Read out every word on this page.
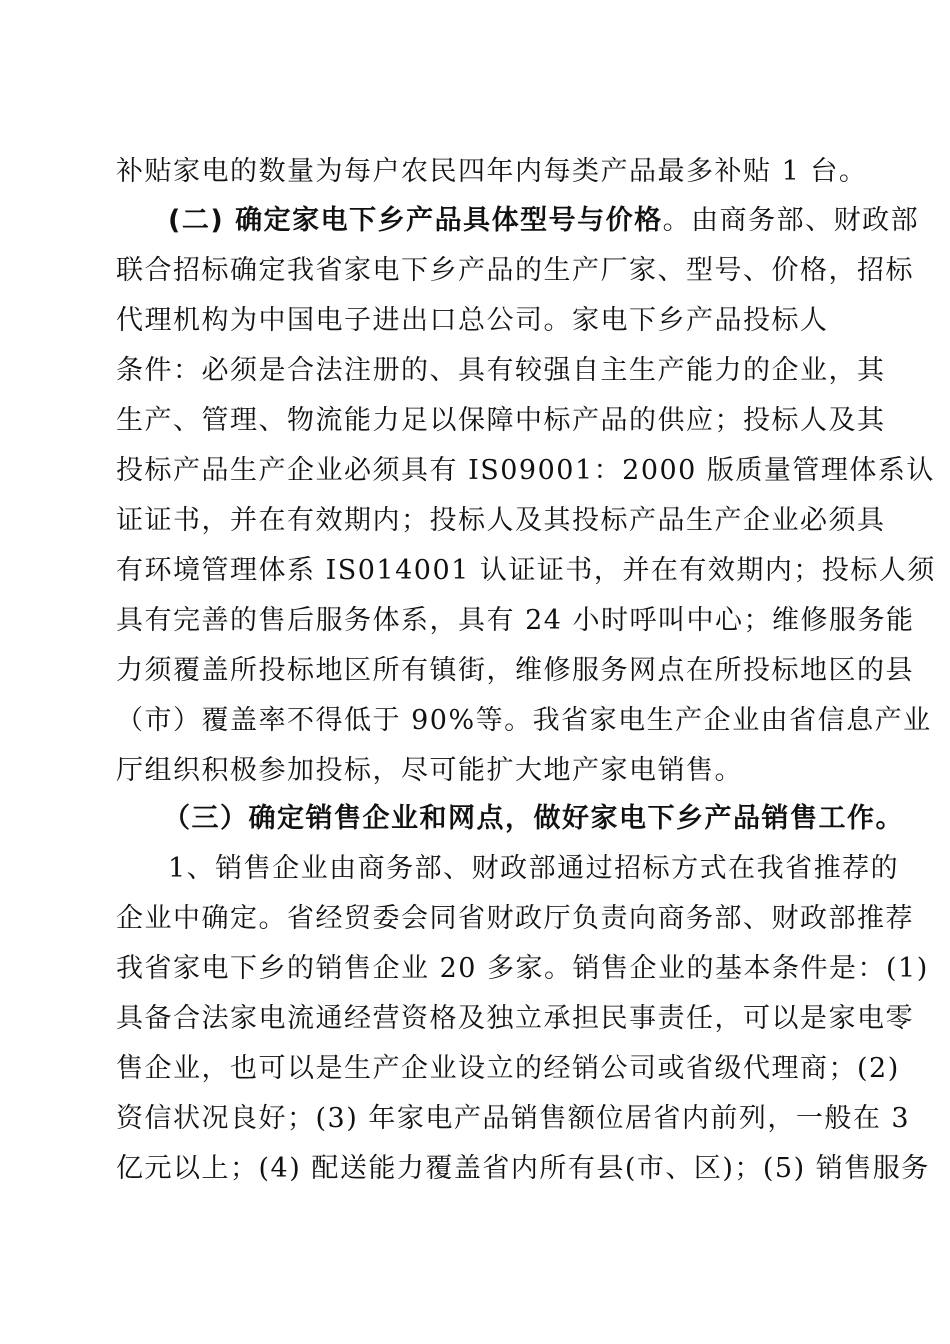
补贴家电的数量为每户农民四年内每类产品最多补贴 1 台。
(二) 确定家电下乡产品具体型号与价格。由商务部、财政部
联合招标确定我省家电下乡产品的生产厂家、型号、价格，招标
代理机构为中国电子进出口总公司。家电下乡产品投标人
条件：必须是合法注册的、具有较强自主生产能力的企业，其
生产、管理、物流能力足以保障中标产品的供应；投标人及其
投标产品生产企业必须具有 IS09001：2000 版质量管理体系认
证证书，并在有效期内；投标人及其投标产品生产企业必须具
有环境管理体系 IS014001 认证证书，并在有效期内；投标人须
具有完善的售后服务体系，具有 24 小时呼叫中心；维修服务能
力须覆盖所投标地区所有镇街，维修服务网点在所投标地区的县
（市）覆盖率不得低于 90%等。我省家电生产企业由省信息产业
厅组织积极参加投标，尽可能扩大地产家电销售。
（三）确定销售企业和网点，做好家电下乡产品销售工作。
1、销售企业由商务部、财政部通过招标方式在我省推荐的
企业中确定。省经贸委会同省财政厅负责向商务部、财政部推荐
我省家电下乡的销售企业 20 多家。销售企业的基本条件是：(1)
具备合法家电流通经营资格及独立承担民事责任，可以是家电零
售企业，也可以是生产企业设立的经销公司或省级代理商；(2)
资信状况良好；(3) 年家电产品销售额位居省内前列，一般在 3
亿元以上；(4) 配送能力覆盖省内所有县(市、区)；(5) 销售服务
